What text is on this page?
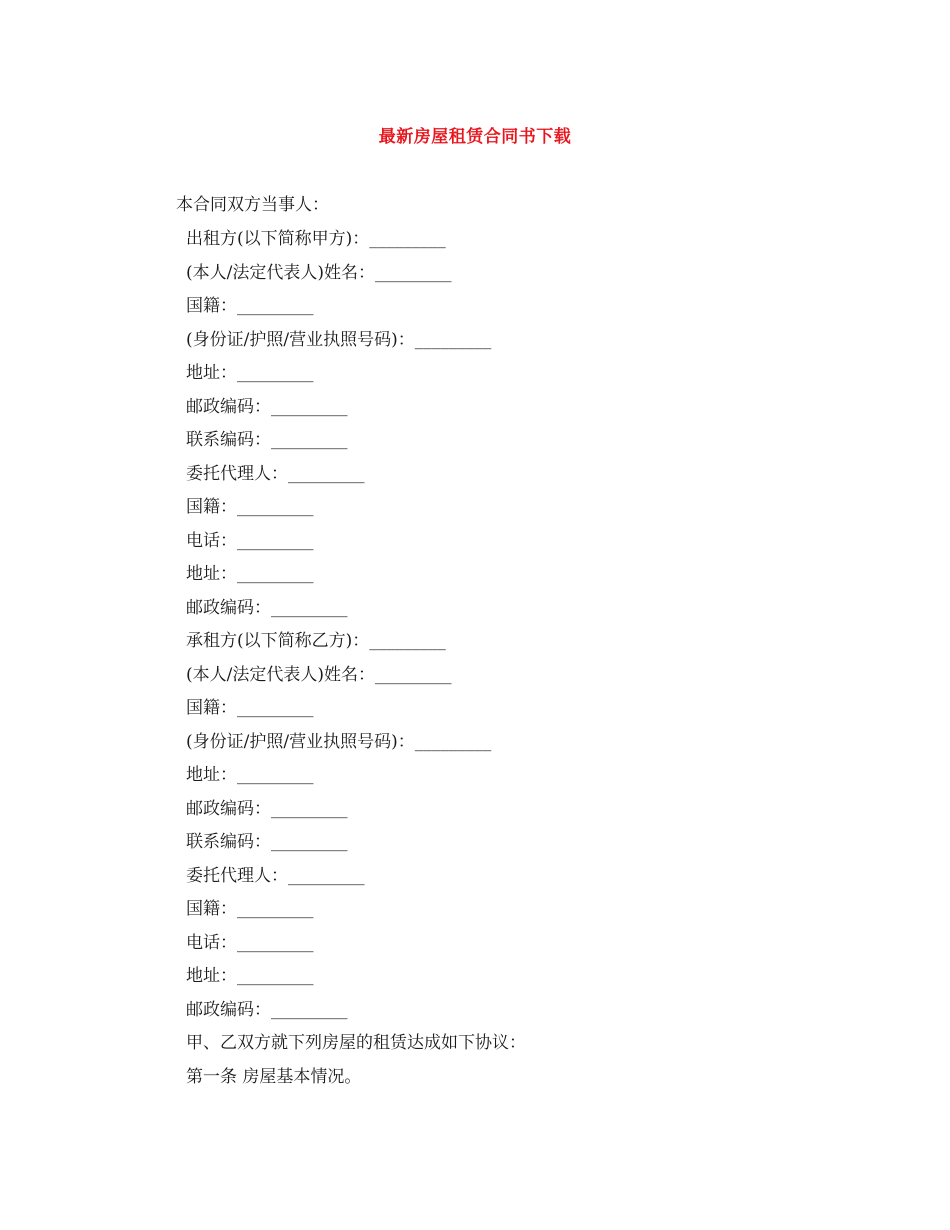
最新房屋租赁合同书下载
本合同双方当事人：
出租方(以下简称甲方)：_________
(本人/法定代表人)姓名：_________
国籍：_________
(身份证/护照/营业执照号码)：_________
地址：_________
邮政编码：_________
联系编码：_________
委托代理人：_________
国籍：_________
电话：_________
地址：_________
邮政编码：_________
承租方(以下简称乙方)：_________
(本人/法定代表人)姓名：_________
国籍：_________
(身份证/护照/营业执照号码)：_________
地址：_________
邮政编码：_________
联系编码：_________
委托代理人：_________
国籍：_________
电话：_________
地址：_________
邮政编码：_________
甲、乙双方就下列房屋的租赁达成如下协议：
第一条 房屋基本情况。
